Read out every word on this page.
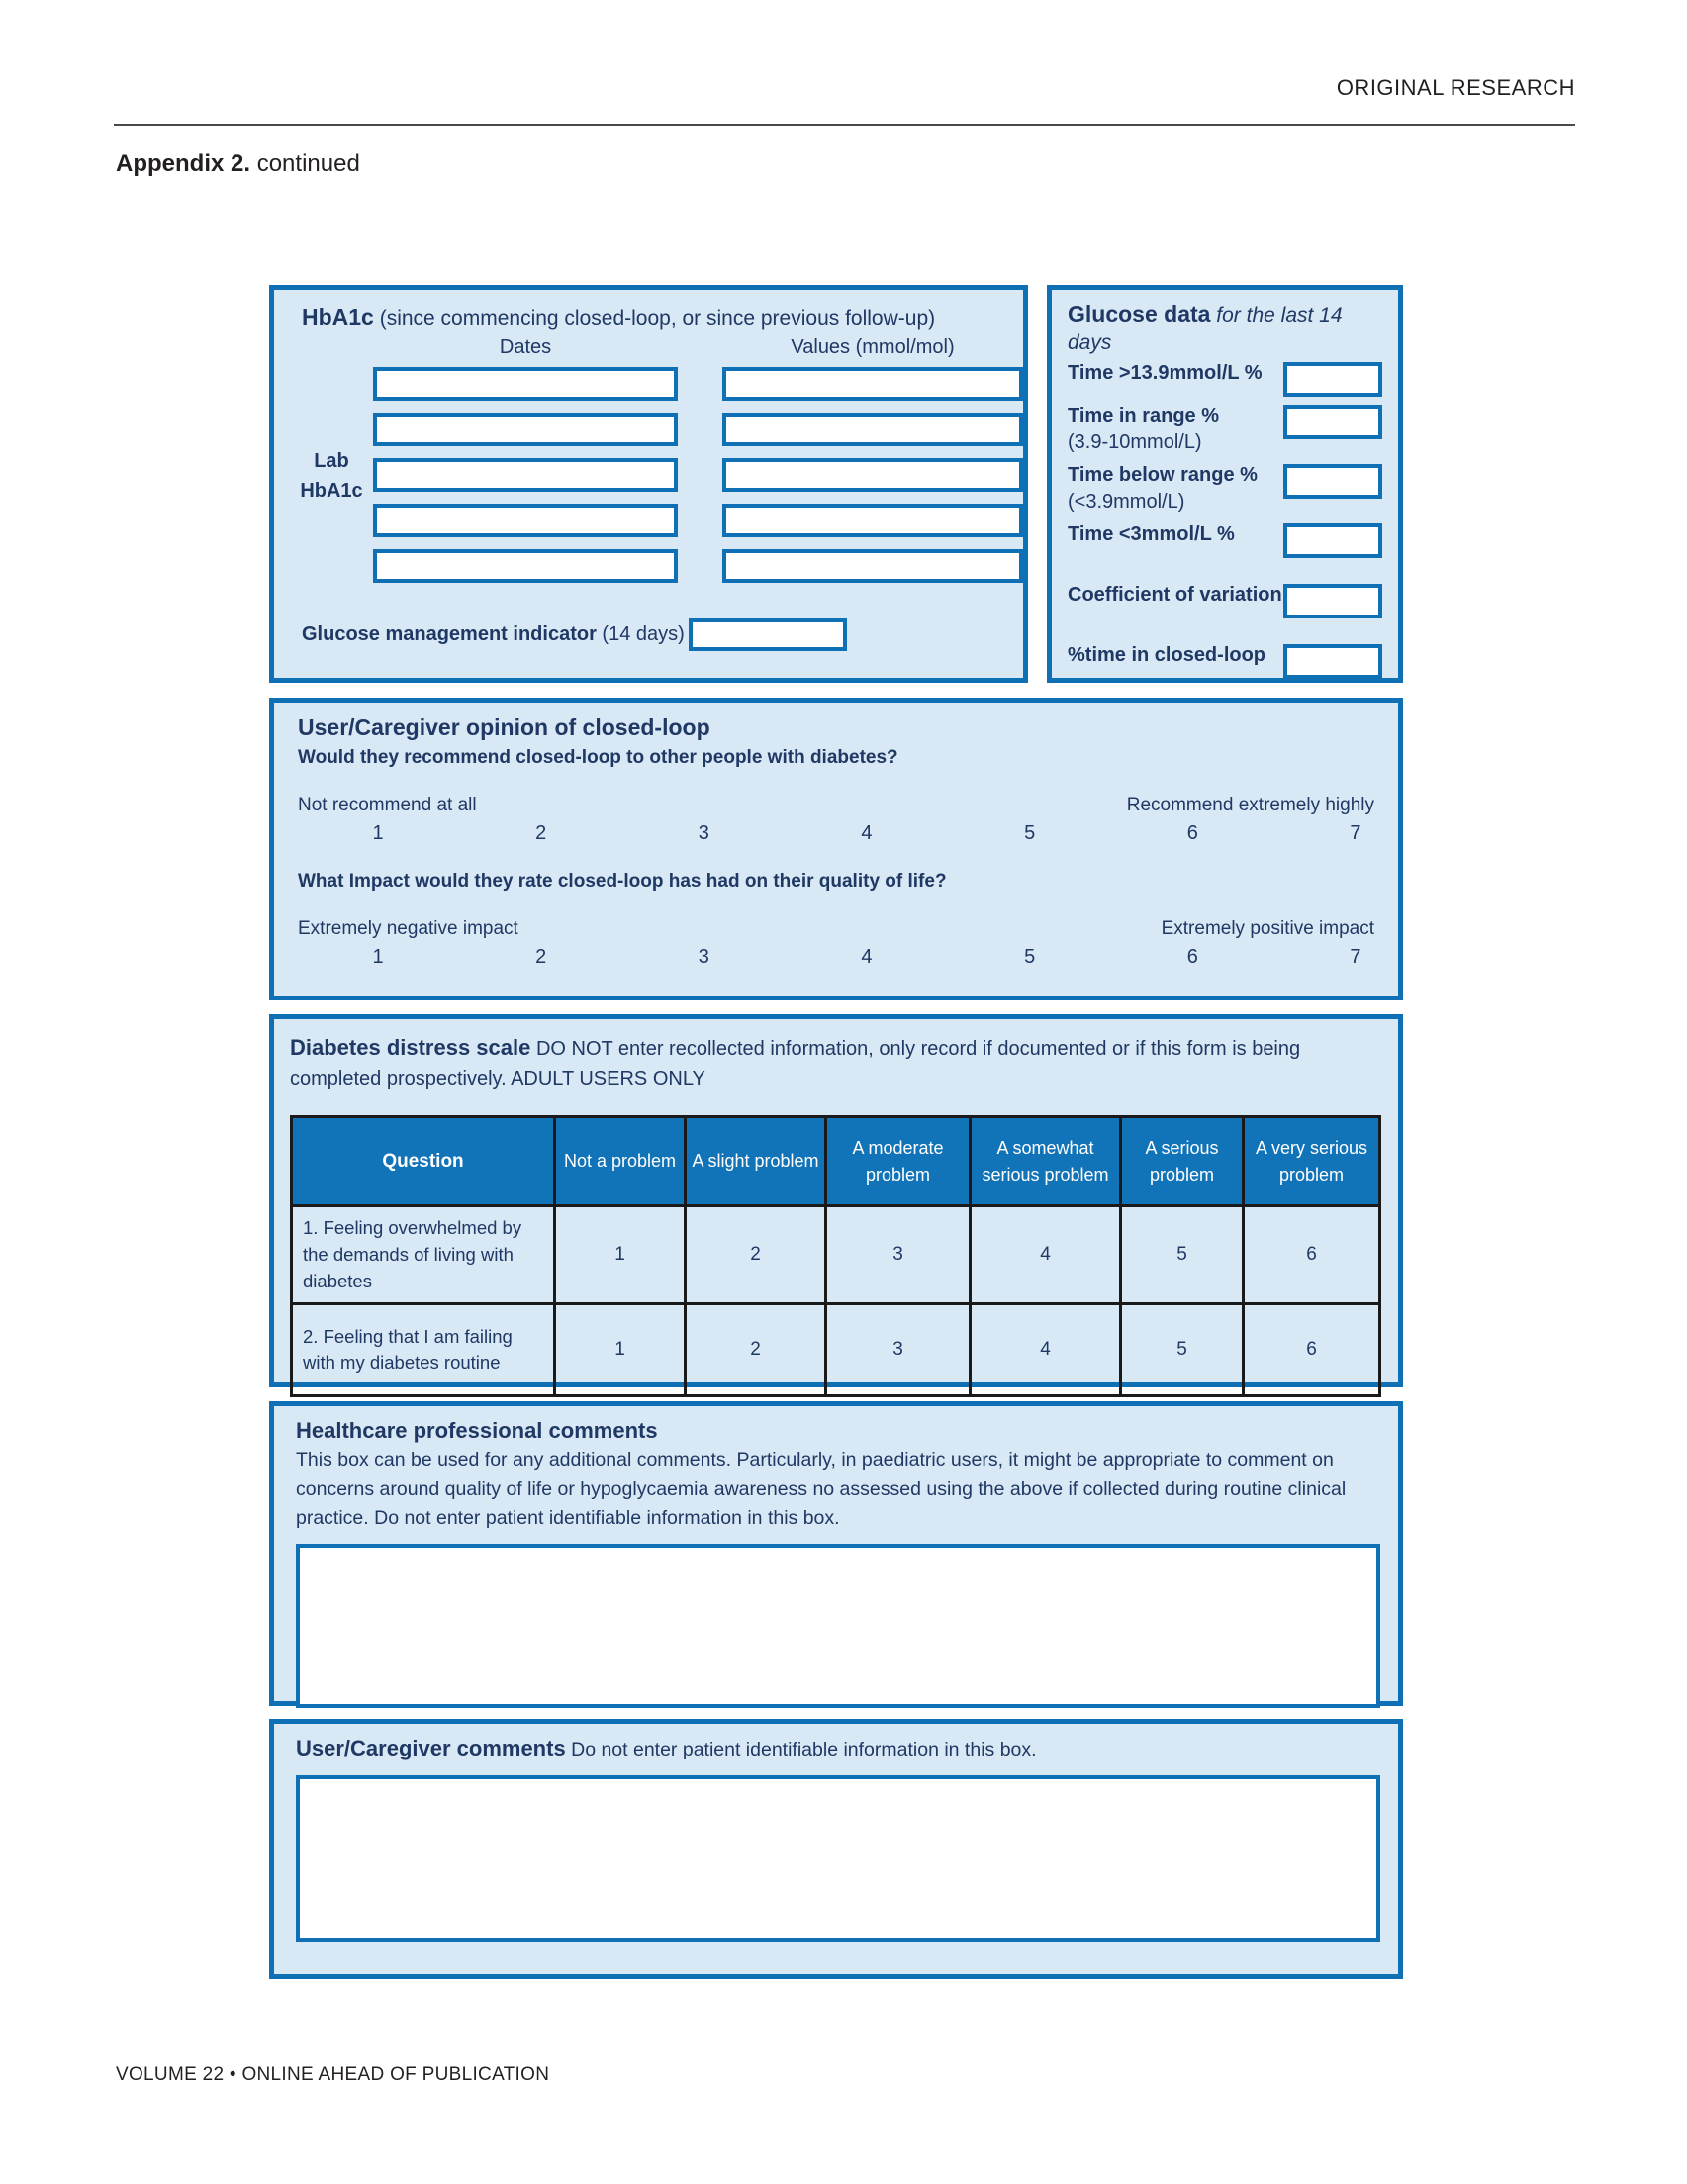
ORIGINAL RESEARCH
Appendix 2. continued
HbA1c (since commencing closed-loop, or since previous follow-up)
Dates	Values (mmol/mol)
Lab
HbA1c
Glucose management indicator (14 days)
Glucose data for the last 14 days
Time >13.9mmol/L %
Time in range %
(3.9-10mmol/L)
Time below range %
(<3.9mmol/L)
Time <3mmol/L %
Coefficient of variation
%time in closed-loop
User/Caregiver opinion of closed-loop
Would they recommend closed-loop to other people with diabetes?
Not recommend at all	Recommend extremely highly
1	2	3	4	5	6	7
What Impact would they rate closed-loop has had on their quality of life?
Extremely negative impact	Extremely positive impact
1	2	3	4	5	6	7
Diabetes distress scale DO NOT enter recollected information, only record if documented or if this form is being completed prospectively. ADULT USERS ONLY
Question	Not a problem	A slight problem	A moderate problem	A somewhat serious problem	A serious problem	A very serious problem
1. Feeling overwhelmed by the demands of living with diabetes	1	2	3	4	5	6
2. Feeling that I am failing with my diabetes routine	1	2	3	4	5	6
Healthcare professional comments
This box can be used for any additional comments. Particularly, in paediatric users, it might be appropriate to comment on concerns around quality of life or hypoglycaemia awareness no assessed using the above if collected during routine clinical practice. Do not enter patient identifiable information in this box.
User/Caregiver comments Do not enter patient identifiable information in this box.
VOLUME 22 • ONLINE AHEAD OF PUBLICATION
